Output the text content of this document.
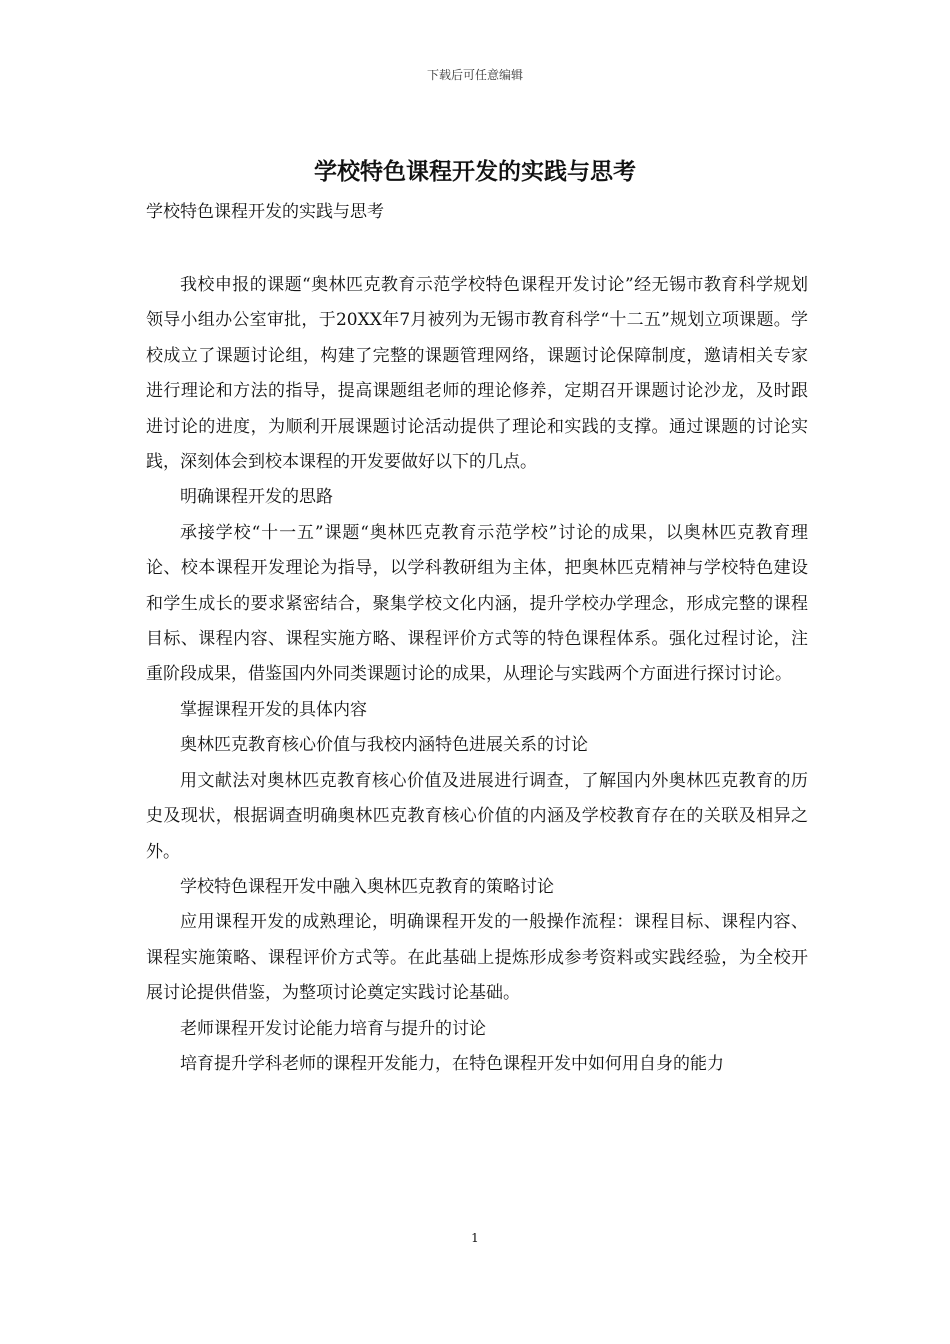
下载后可任意编辑
学校特色课程开发的实践与思考
学校特色课程开发的实践与思考

我校申报的课题“奥林匹克教育示范学校特色课程开发讨论”经无锡市教育科学规划领导小组办公室审批，于20XX年7月被列为无锡市教育科学“十二五”规划立项课题。学校成立了课题讨论组，构建了完整的课题管理网络，课题讨论保障制度，邀请相关专家进行理论和方法的指导，提高课题组老师的理论修养，定期召开课题讨论沙龙，及时跟进讨论的进度，为顺利开展课题讨论活动提供了理论和实践的支撑。通过课题的讨论实践，深刻体会到校本课程的开发要做好以下的几点。

明确课程开发的思路

承接学校“十一五”课题“奥林匹克教育示范学校”讨论的成果，以奥林匹克教育理论、校本课程开发理论为指导，以学科教研组为主体，把奥林匹克精神与学校特色建设和学生成长的要求紧密结合，聚集学校文化内涵，提升学校办学理念，形成完整的课程目标、课程内容、课程实施方略、课程评价方式等的特色课程体系。强化过程讨论，注重阶段成果，借鉴国内外同类课题讨论的成果，从理论与实践两个方面进行探讨讨论。

掌握课程开发的具体内容

奥林匹克教育核心价值与我校内涵特色进展关系的讨论

用文献法对奥林匹克教育核心价值及进展进行调查，了解国内外奥林匹克教育的历史及现状，根据调查明确奥林匹克教育核心价值的内涵及学校教育存在的关联及相异之外。

学校特色课程开发中融入奥林匹克教育的策略讨论

应用课程开发的成熟理论，明确课程开发的一般操作流程：课程目标、课程内容、课程实施策略、课程评价方式等。在此基础上提炼形成参考资料或实践经验，为全校开展讨论提供借鉴，为整项讨论奠定实践讨论基础。

老师课程开发讨论能力培育与提升的讨论

培育提升学科老师的课程开发能力，在特色课程开发中如何用自身的能力

1
